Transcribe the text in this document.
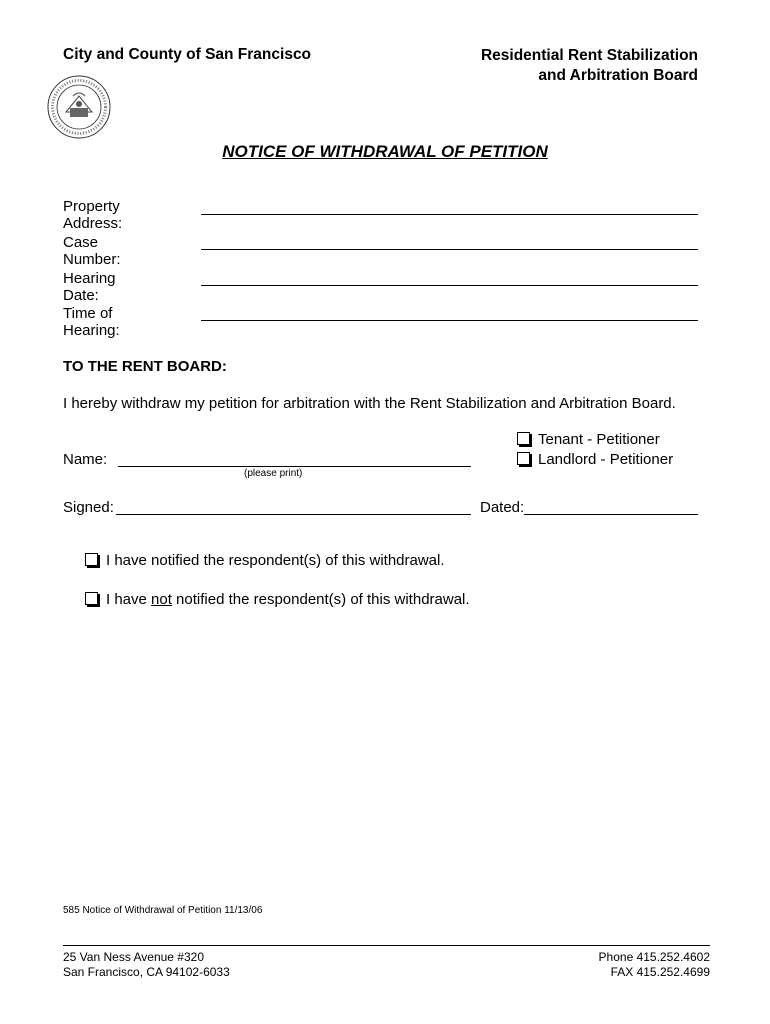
City and County of San Francisco	Residential Rent Stabilization
and Arbitration Board
NOTICE OF WITHDRAWAL OF PETITION
Property Address:
Case Number:
Hearing Date:
Time of Hearing:
TO THE RENT BOARD:
I hereby withdraw my petition for arbitration with the Rent Stabilization and Arbitration Board.
Tenant - Petitioner
Landlord - Petitioner
Name:
(please print)
Signed:	Dated:
I have notified the respondent(s) of this withdrawal.
I have not notified the respondent(s) of this withdrawal.
585 Notice of Withdrawal of Petition 11/13/06
25 Van Ness Avenue #320
San Francisco, CA 94102-6033
Phone 415.252.4602
FAX 415.252.4699
